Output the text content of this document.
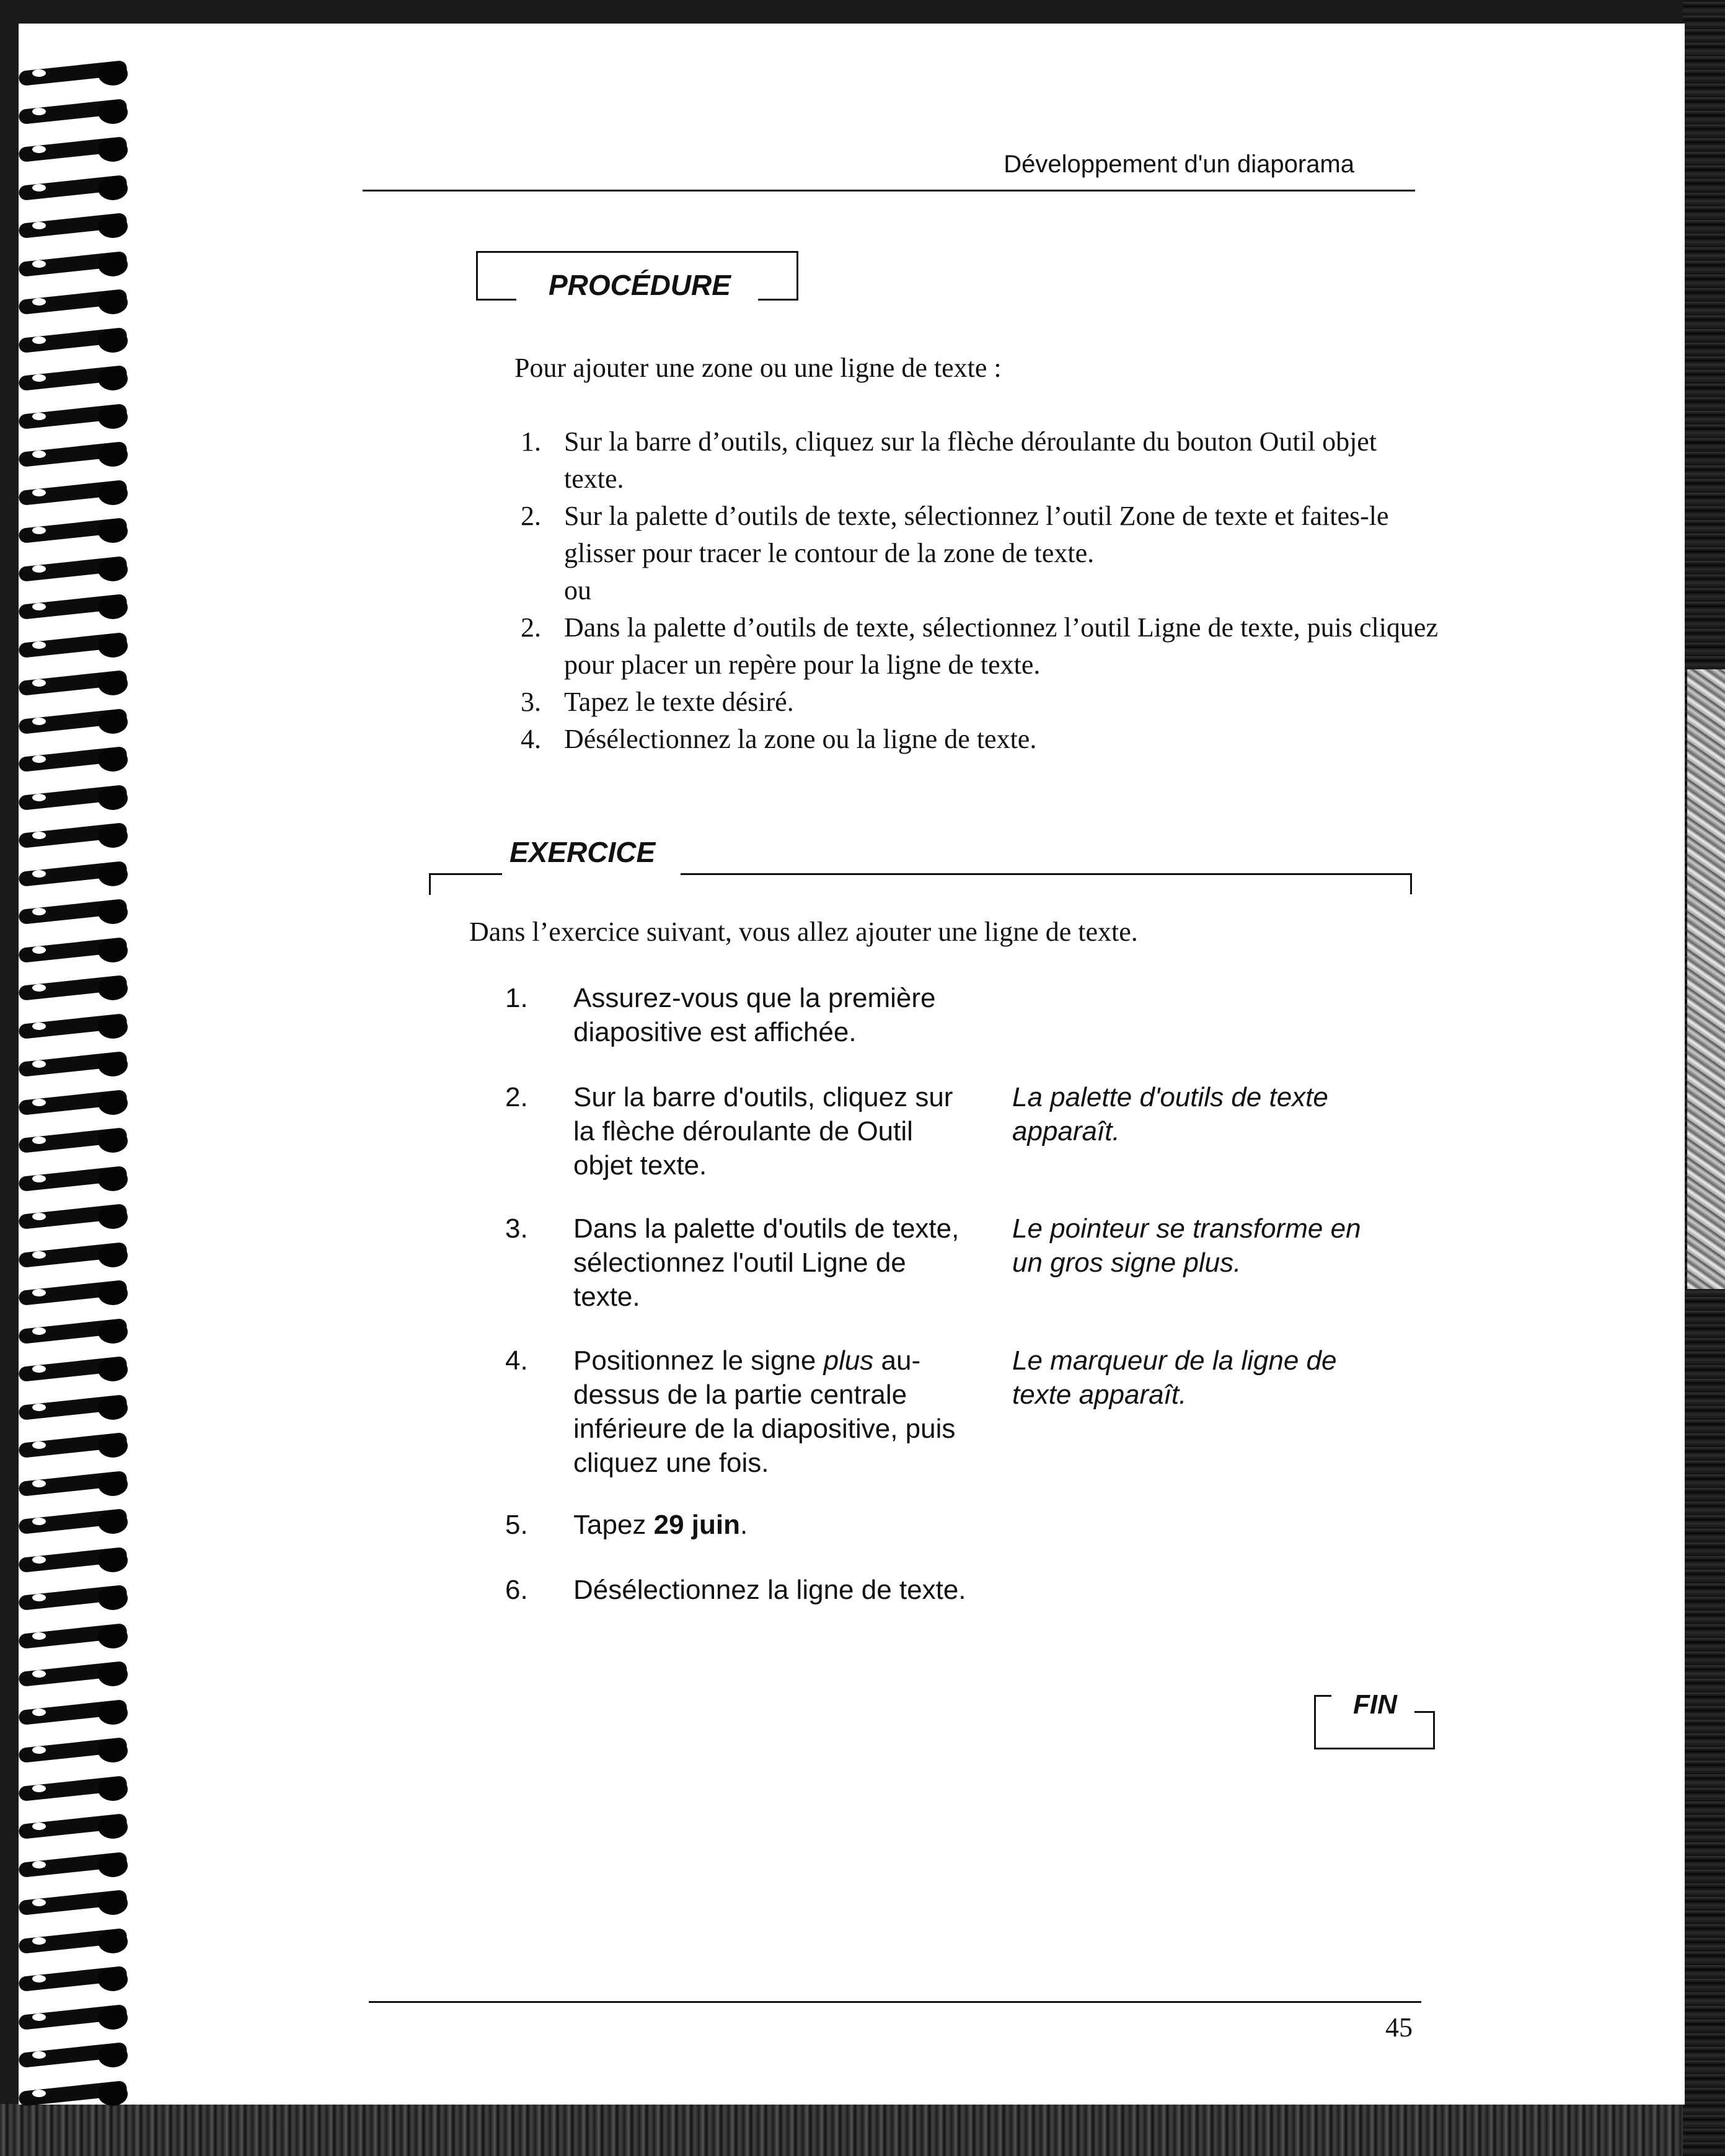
Développement d'un diaporama
PROCÉDURE
Pour ajouter une zone ou une ligne de texte :
1. Sur la barre d’outils, cliquez sur la flèche déroulante du bouton Outil objet texte.
2. Sur la palette d’outils de texte, sélectionnez l’outil Zone de texte et faites-le glisser pour tracer le contour de la zone de texte.
ou
2. Dans la palette d’outils de texte, sélectionnez l’outil Ligne de texte, puis cliquez pour placer un repère pour la ligne de texte.
3. Tapez le texte désiré.
4. Désélectionnez la zone ou la ligne de texte.
EXERCICE
Dans l’exercice suivant, vous allez ajouter une ligne de texte.
1. Assurez-vous que la première diapositive est affichée.
2. Sur la barre d'outils, cliquez sur la flèche déroulante de Outil objet texte.
La palette d'outils de texte apparaît.
3. Dans la palette d'outils de texte, sélectionnez l'outil Ligne de texte.
Le pointeur se transforme en un gros signe plus.
4. Positionnez le signe plus au-dessus de la partie centrale inférieure de la diapositive, puis cliquez une fois.
Le marqueur de la ligne de texte apparaît.
5. Tapez 29 juin.
6. Désélectionnez la ligne de texte.
FIN
45
